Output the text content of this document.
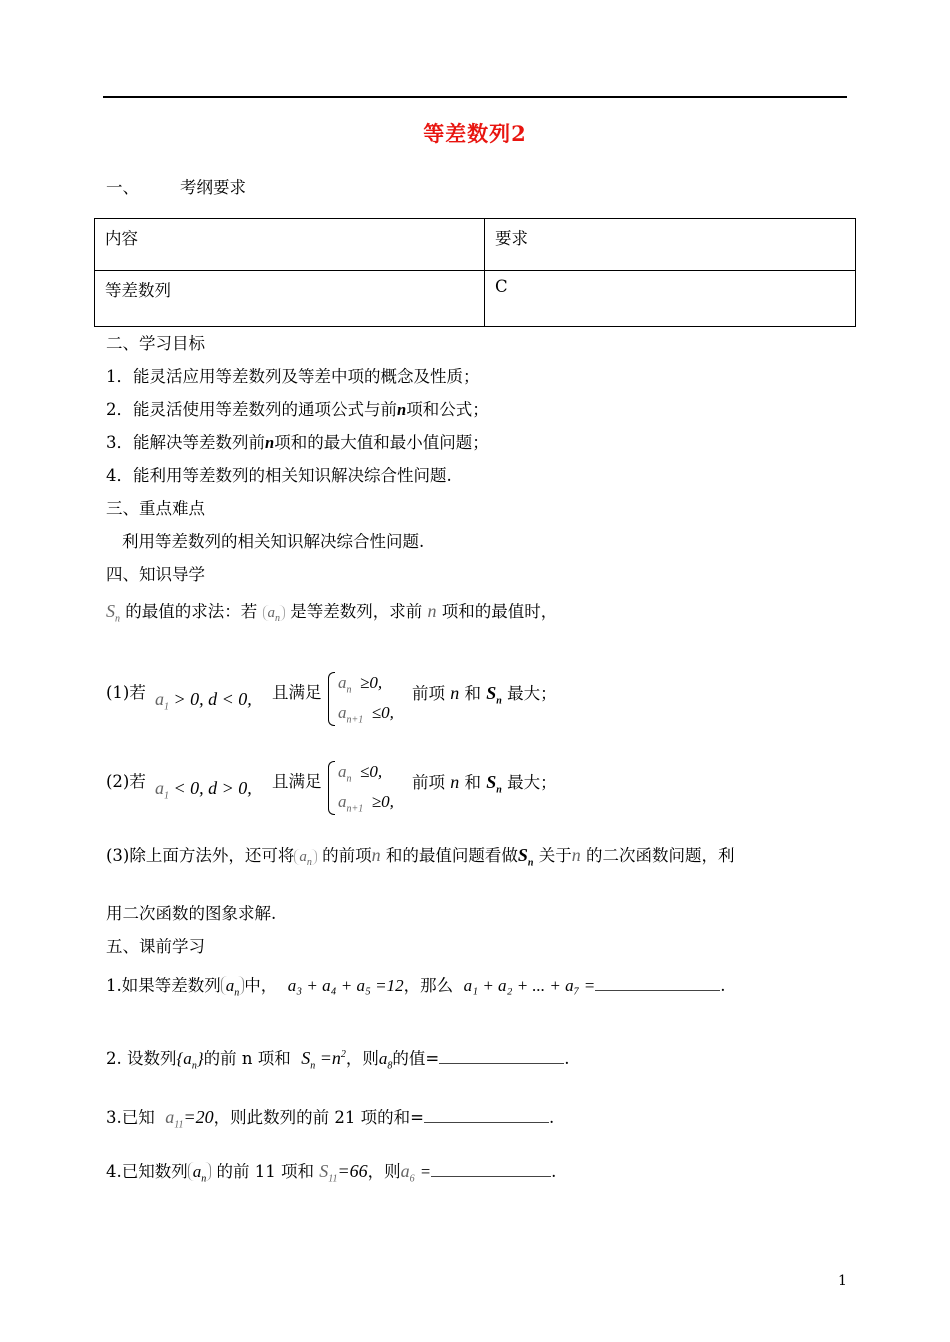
等差数列2
一、 考纲要求
内容	要求
等差数列	C
二、学习目标
1．能灵活应用等差数列及等差中项的概念及性质；
2．能灵活使用等差数列的通项公式与前n项和公式；
3．能解决等差数列前n项和的最大值和最小值问题；
4．能利用等差数列的相关知识解决综合性问题.
三、重点难点
利用等差数列的相关知识解决综合性问题.
四、知识导学
$S_n$ 的最值的求法：若 $a_n$ 是等差数列，求前 n 项和的最值时，
(1)若 $a_1 > 0$, d < 0, 且满足
$a_n \ge 0$,
$a_{n+1} \le 0$,
前项 n 和 $S_n$ 最大；
(2)若 $a_1 < 0$, d > 0, 且满足
$a_n \le 0$,
$a_{n+1} \ge 0$,
前项 n 和 $S_n$ 最大；
(3)除上面方法外，还可将 $a_n$ 的前项n 和的最值问题看做$S_n$ 关于n 的二次函数问题，利
用二次函数的图象求解.
五、课前学习
1.如果等差数列 $a_n$ 中， a₃ + a₄ + a₅ =12，那么 a₁ + a₂ + ... + a₇ =	.
2. 设数列$\{a_n\}$的前 n 项和 $S_n =n^2$，则$a_8$的值=	.
3.已知 $a_{11}=20$，则此数列的前 21 项的和=	.
4.已知数列 $a_n$ 的前 11 项和 $S_{11}=66$，则$a_6$ =	.
1
